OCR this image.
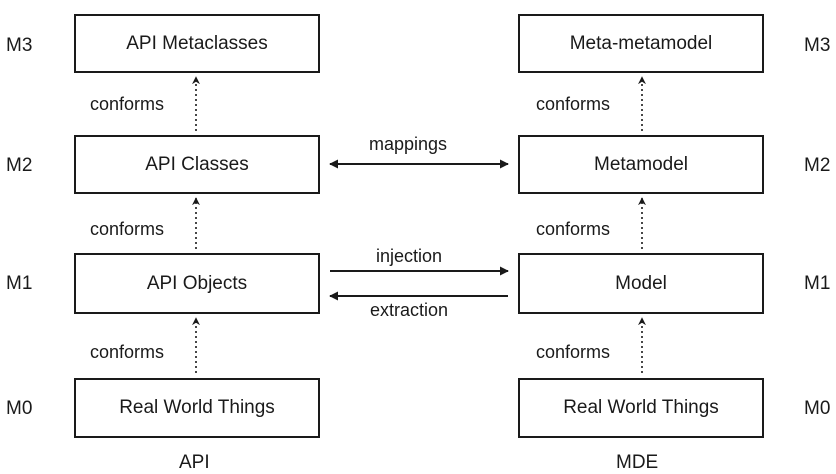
M3
M2
M1
M0
M3
M2
M1
M0
API Metaclasses
API Classes
API Objects
Real World Things
Meta-metamodel
Metamodel
Model
Real World Things
conforms
conforms
conforms
conforms
conforms
conforms
mappings
injection
extraction
API	MDE
